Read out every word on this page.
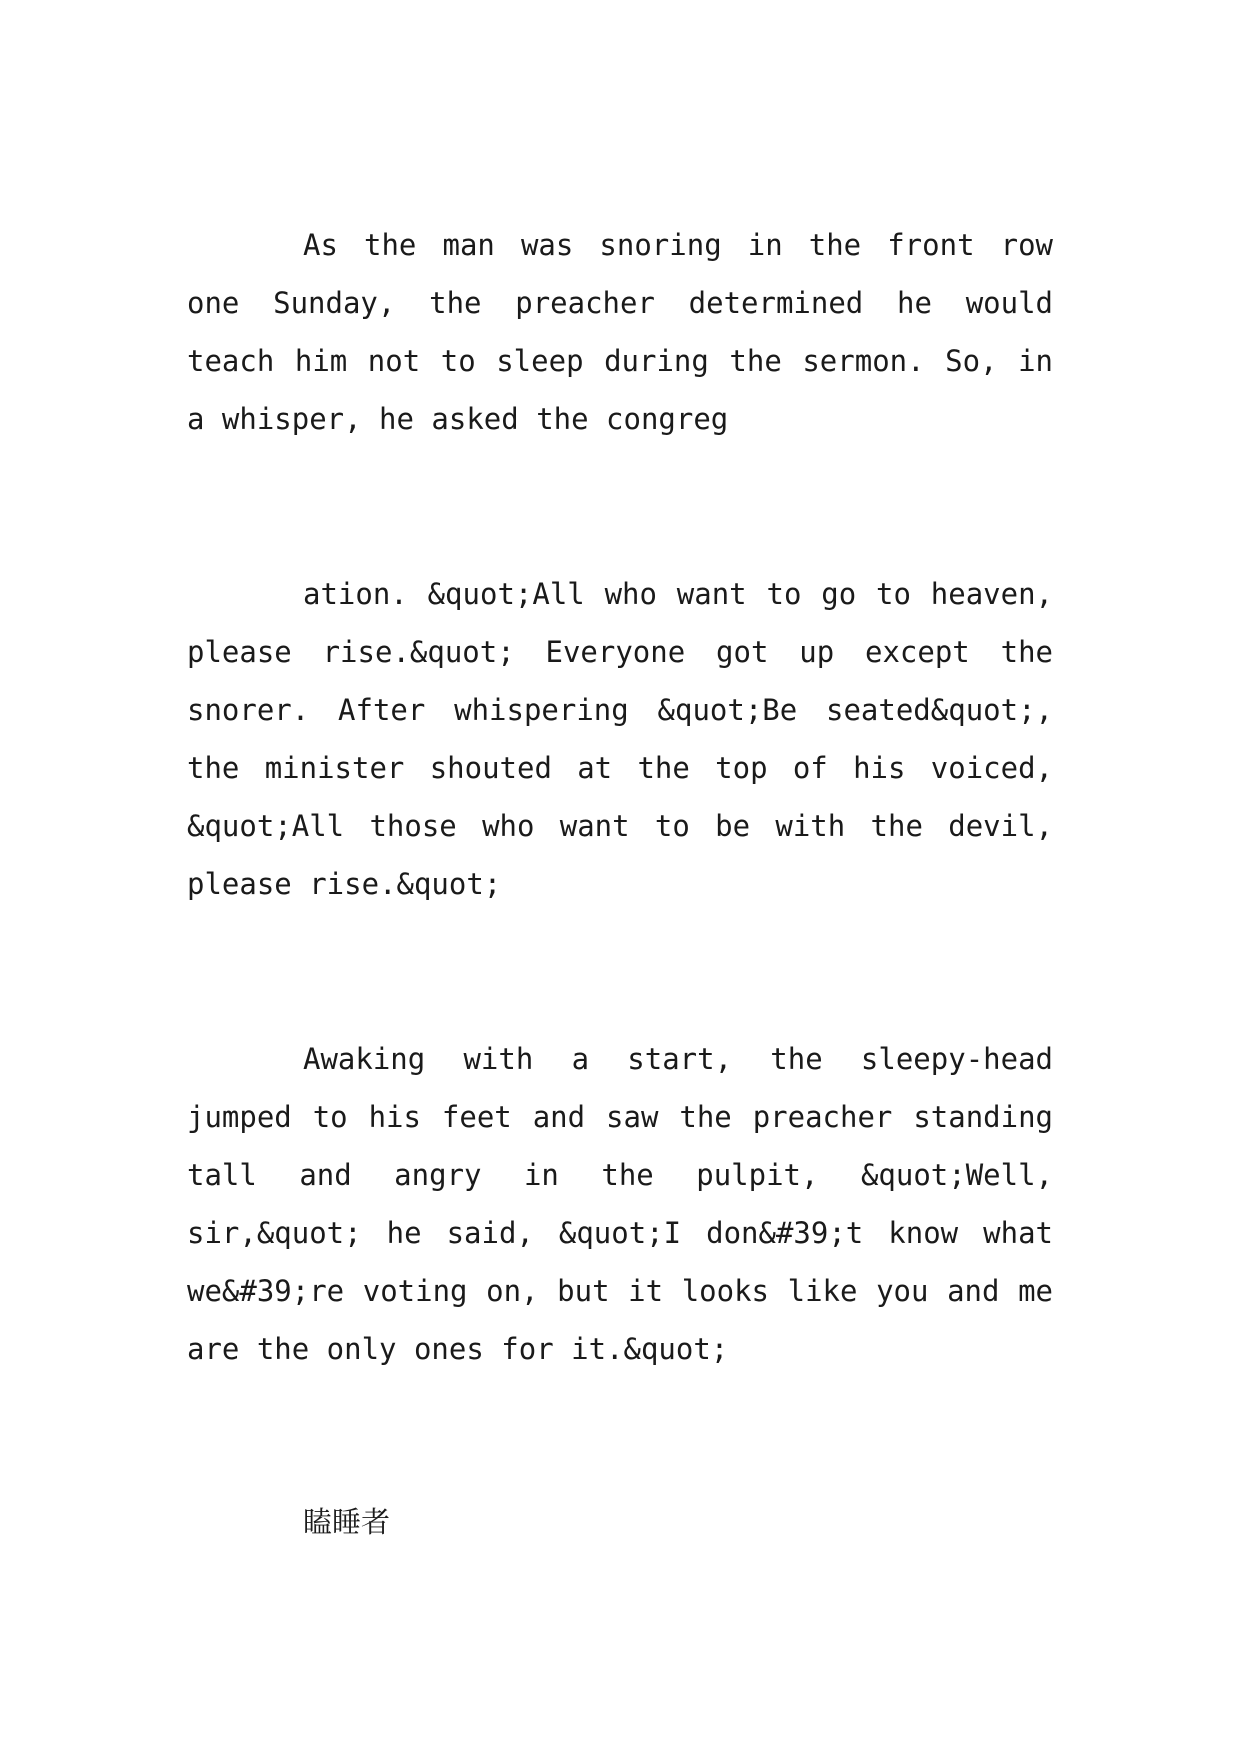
As the man was snoring in the front row one Sunday, the preacher determined he would teach him not to sleep during the sermon. So, in a whisper, he asked the congreg

ation. &quot;All who want to go to heaven, please rise.&quot; Everyone got up except the snorer. After whispering &quot;Be seated&quot;, the minister shouted at the top of his voiced, &quot;All those who want to be with the devil, please rise.&quot;

Awaking with a start, the sleepy-head jumped to his feet and saw the preacher standing tall and angry in the pulpit, &quot;Well, sir,&quot; he said, &quot;I don&#39;t know what we&#39;re voting on, but it looks like you and me are the only ones for it.&quot;

瞌睡者
